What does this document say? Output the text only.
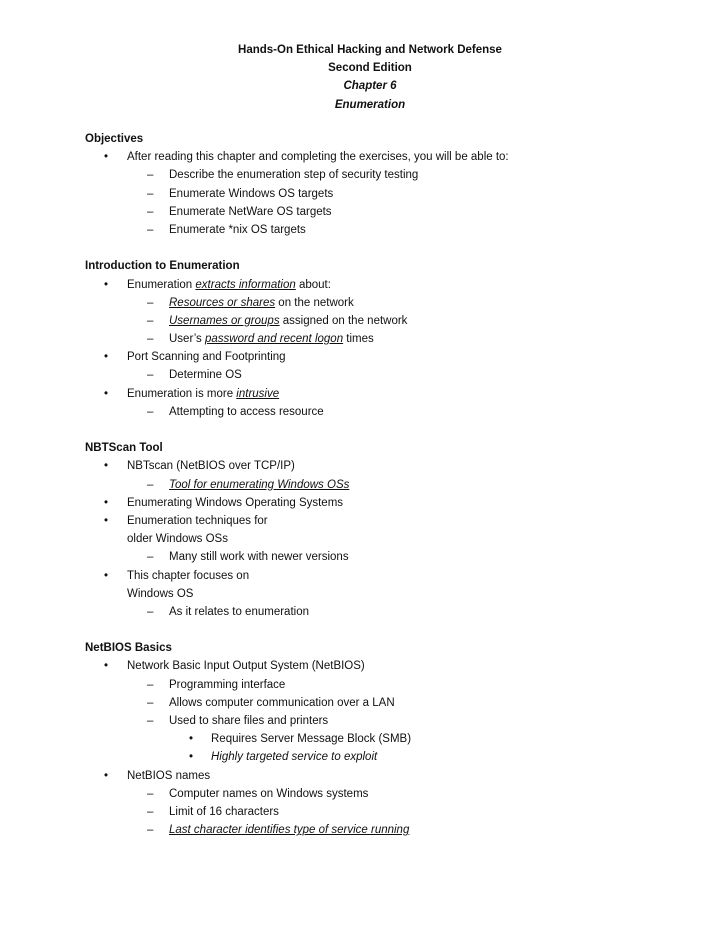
Hands-On Ethical Hacking and Network Defense
Second Edition
Chapter 6
Enumeration
Objectives
• After reading this chapter and completing the exercises, you will be able to:
– Describe the enumeration step of security testing
– Enumerate Windows OS targets
– Enumerate NetWare OS targets
– Enumerate *nix OS targets
Introduction to Enumeration
• Enumeration extracts information about:
– Resources or shares on the network
– Usernames or groups assigned on the network
– User’s password and recent logon times
• Port Scanning and Footprinting
– Determine OS
• Enumeration is more intrusive
– Attempting to access resource
NBTScan Tool
• NBTscan (NetBIOS over TCP/IP)
– Tool for enumerating Windows OSs
• Enumerating Windows Operating Systems
• Enumeration techniques for
older Windows OSs
– Many still work with newer versions
• This chapter focuses on
Windows OS
– As it relates to enumeration
NetBIOS Basics
• Network Basic Input Output System (NetBIOS)
– Programming interface
– Allows computer communication over a LAN
– Used to share files and printers
• Requires Server Message Block (SMB)
• Highly targeted service to exploit
• NetBIOS names
– Computer names on Windows systems
– Limit of 16 characters
– Last character identifies type of service running
